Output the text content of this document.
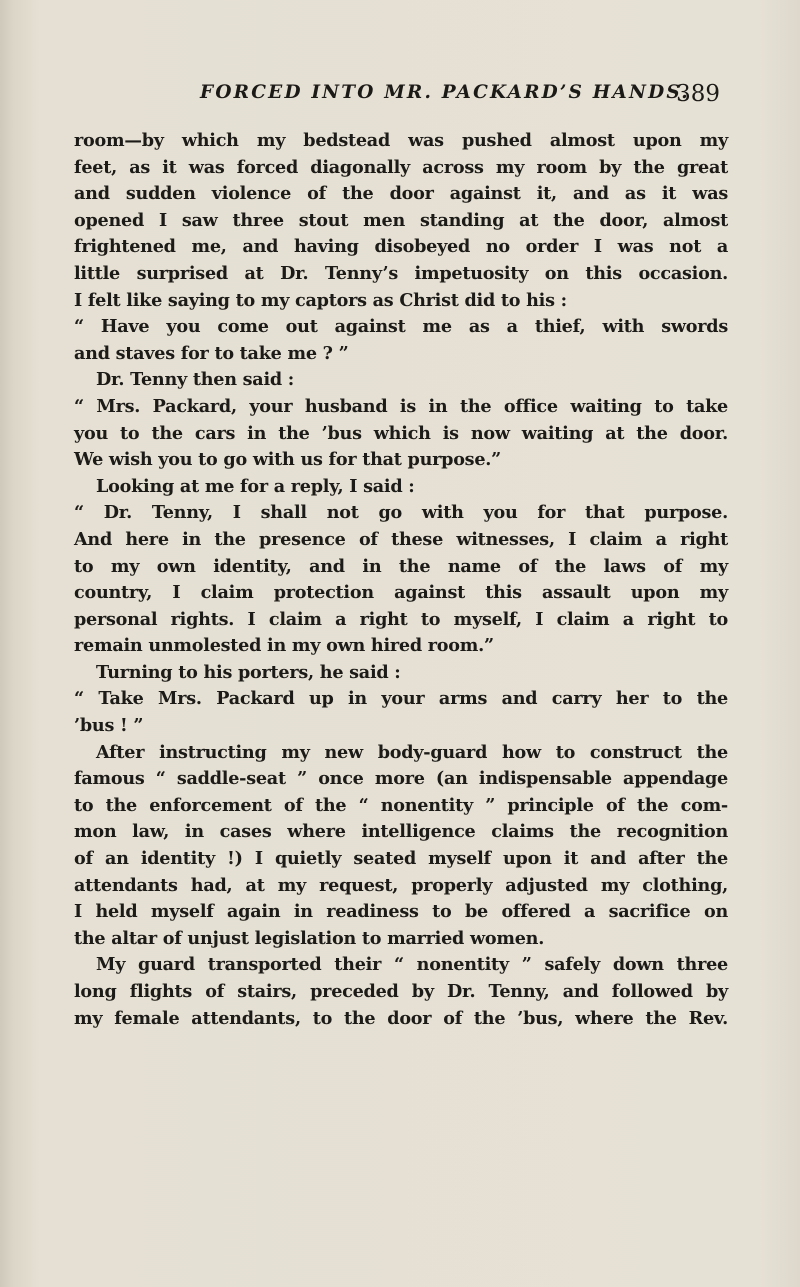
FORCED INTO MR. PACKARD’S HANDS.
389
room—by which my bedstead was pushed almost upon my
feet, as it was forced diagonally across my room by the great
and sudden violence of the door against it, and as it was
opened I saw three stout men standing at the door, almost
frightened me, and having disobeyed no order I was not a
little surprised at Dr. Tenny’s impetuosity on this occasion.
I felt like saying to my captors as Christ did to his :
“ Have you come out against me as a thief, with swords
and staves for to take me ? ”
Dr. Tenny then said :
“ Mrs. Packard, your husband is in the office waiting to take
you to the cars in the ’bus which is now waiting at the door.
We wish you to go with us for that purpose.”
Looking at me for a reply, I said :
“ Dr. Tenny, I shall not go with you for that purpose.
And here in the presence of these witnesses, I claim a right
to my own identity, and in the name of the laws of my
country, I claim protection against this assault upon my
personal rights. I claim a right to myself, I claim a right to
remain unmolested in my own hired room.”
Turning to his porters, he said :
“ Take Mrs. Packard up in your arms and carry her to the
’bus ! ”
After instructing my new body-guard how to construct the
famous “ saddle-seat ” once more (an indispensable appendage
to the enforcement of the “ nonentity ” principle of the com-
mon law, in cases where intelligence claims the recognition
of an identity !) I quietly seated myself upon it and after the
attendants had, at my request, properly adjusted my clothing,
I held myself again in readiness to be offered a sacrifice on
the altar of unjust legislation to married women.
My guard transported their “ nonentity ” safely down three
long flights of stairs, preceded by Dr. Tenny, and followed by
my female attendants, to the door of the ’bus, where the Rev.
